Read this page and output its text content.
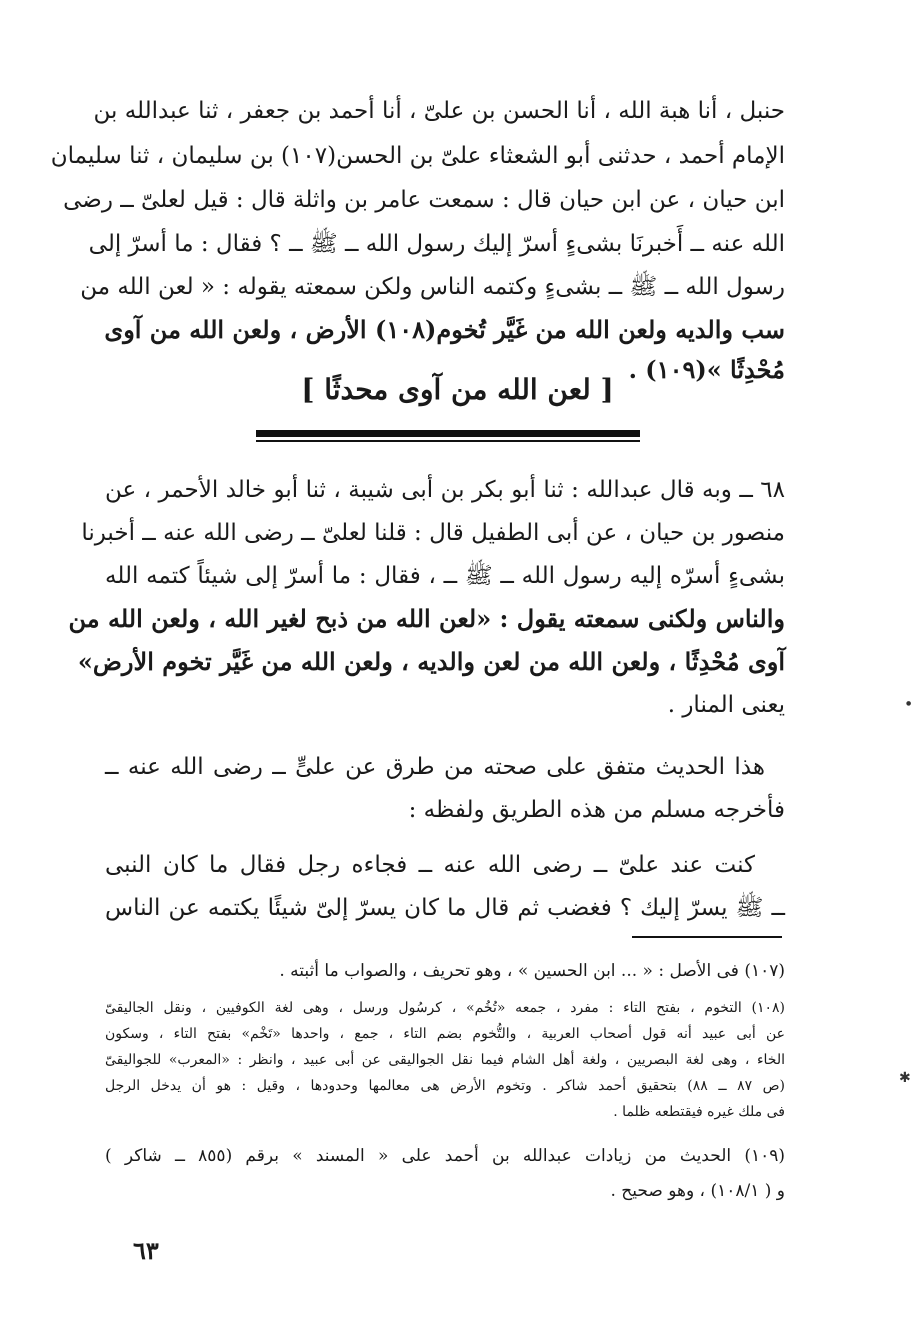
حنبل ، أنا هبة الله ، أنا الحسن بن علىّ ، أنا أحمد بن جعفر ، ثنا عبدالله بن
الإمام أحمد ، حدثنى أبو الشعثاء علىّ بن الحسن(١٠٧) بن سليمان ، ثنا سليمان
ابن حيان ، عن ابن حيان قال : سمعت عامر بن واثلة قال : قيل لعلىّ ــ رضى
الله عنه ــ أَخبرنَا بشىءٍ أسرّ إليك رسول الله ــ ﷺ ــ ؟ فقال : ما أسرّ إلى
رسول الله ــ ﷺ ــ بشىءٍ وكتمه الناس ولكن سمعته يقوله : « لعن الله من
سب والديه ولعن الله من غَيَّر تُخوم(١٠٨) الأرض ، ولعن الله من آوى
مُحْدِثًا »(١٠٩) .
[ لعن الله من آوى محدثًا ]
٦٨ ــ وبه قال عبدالله : ثنا أبو بكر بن أبى شيبة ، ثنا أبو خالد الأحمر ، عن
منصور بن حيان ، عن أبى الطفيل قال : قلنا لعلىّ ــ رضى الله عنه ــ أخبرنا
بشىءٍ أسرّه إليه رسول الله ــ ﷺ ــ ، فقال : ما أسرّ إلى شيئاً كتمه الله
والناس ولكنى سمعته يقول : «لعن الله من ذبح لغير الله ، ولعن الله من
آوى مُحْدِثًا ، ولعن الله من لعن والديه ، ولعن الله من غَيَّر تخوم الأرض»
يعنى المنار .
هذا الحديث متفق على صحته من طرق عن علىٍّ ــ رضى الله عنه ــ
فأخرجه مسلم من هذه الطريق ولفظه :
كنت عند علىّ ــ رضى الله عنه ــ فجاءه رجل فقال ما كان النبى
ــ ﷺ يسرّ إليك ؟ فغضب ثم قال ما كان يسرّ إلىّ شيئًا يكتمه عن الناس
(١٠٧) فى الأصل : « ... ابن الحسين » ، وهو تحريف ، والصواب ما أثبته .
(١٠٨) التخوم ، بفتح التاء : مفرد ، جمعه «تُخُم» ، كرسُول ورسل ، وهى لغة الكوفيين ، ونقل الجاليقىّ
عن أبى عبيد أنه قول أصحاب العربية ، والتُّخوم بضم التاء ، جمع ، واحدها «تَخْم» بفتح التاء ، وسكون
الخاء ، وهى لغة البصريين ، ولغة أهل الشام فيما نقل الجواليقى عن أبى عبيد ، وانظر : «المعرب» للجواليقىّ
(ص ٨٧ ــ ٨٨) بتحقيق أحمد شاكر . وتخوم الأرض هى معالمها وحدودها ، وقيل : هو أن يدخل الرجل
فى ملك غيره فيقتطعه ظلما .
(١٠٩) الحديث من زيادات عبدالله بن أحمد على « المسند » برقم (٨٥٥ ــ شاكر )
و ( ١٠٨/١) ، وهو صحيح .
٦٣
✱
●
